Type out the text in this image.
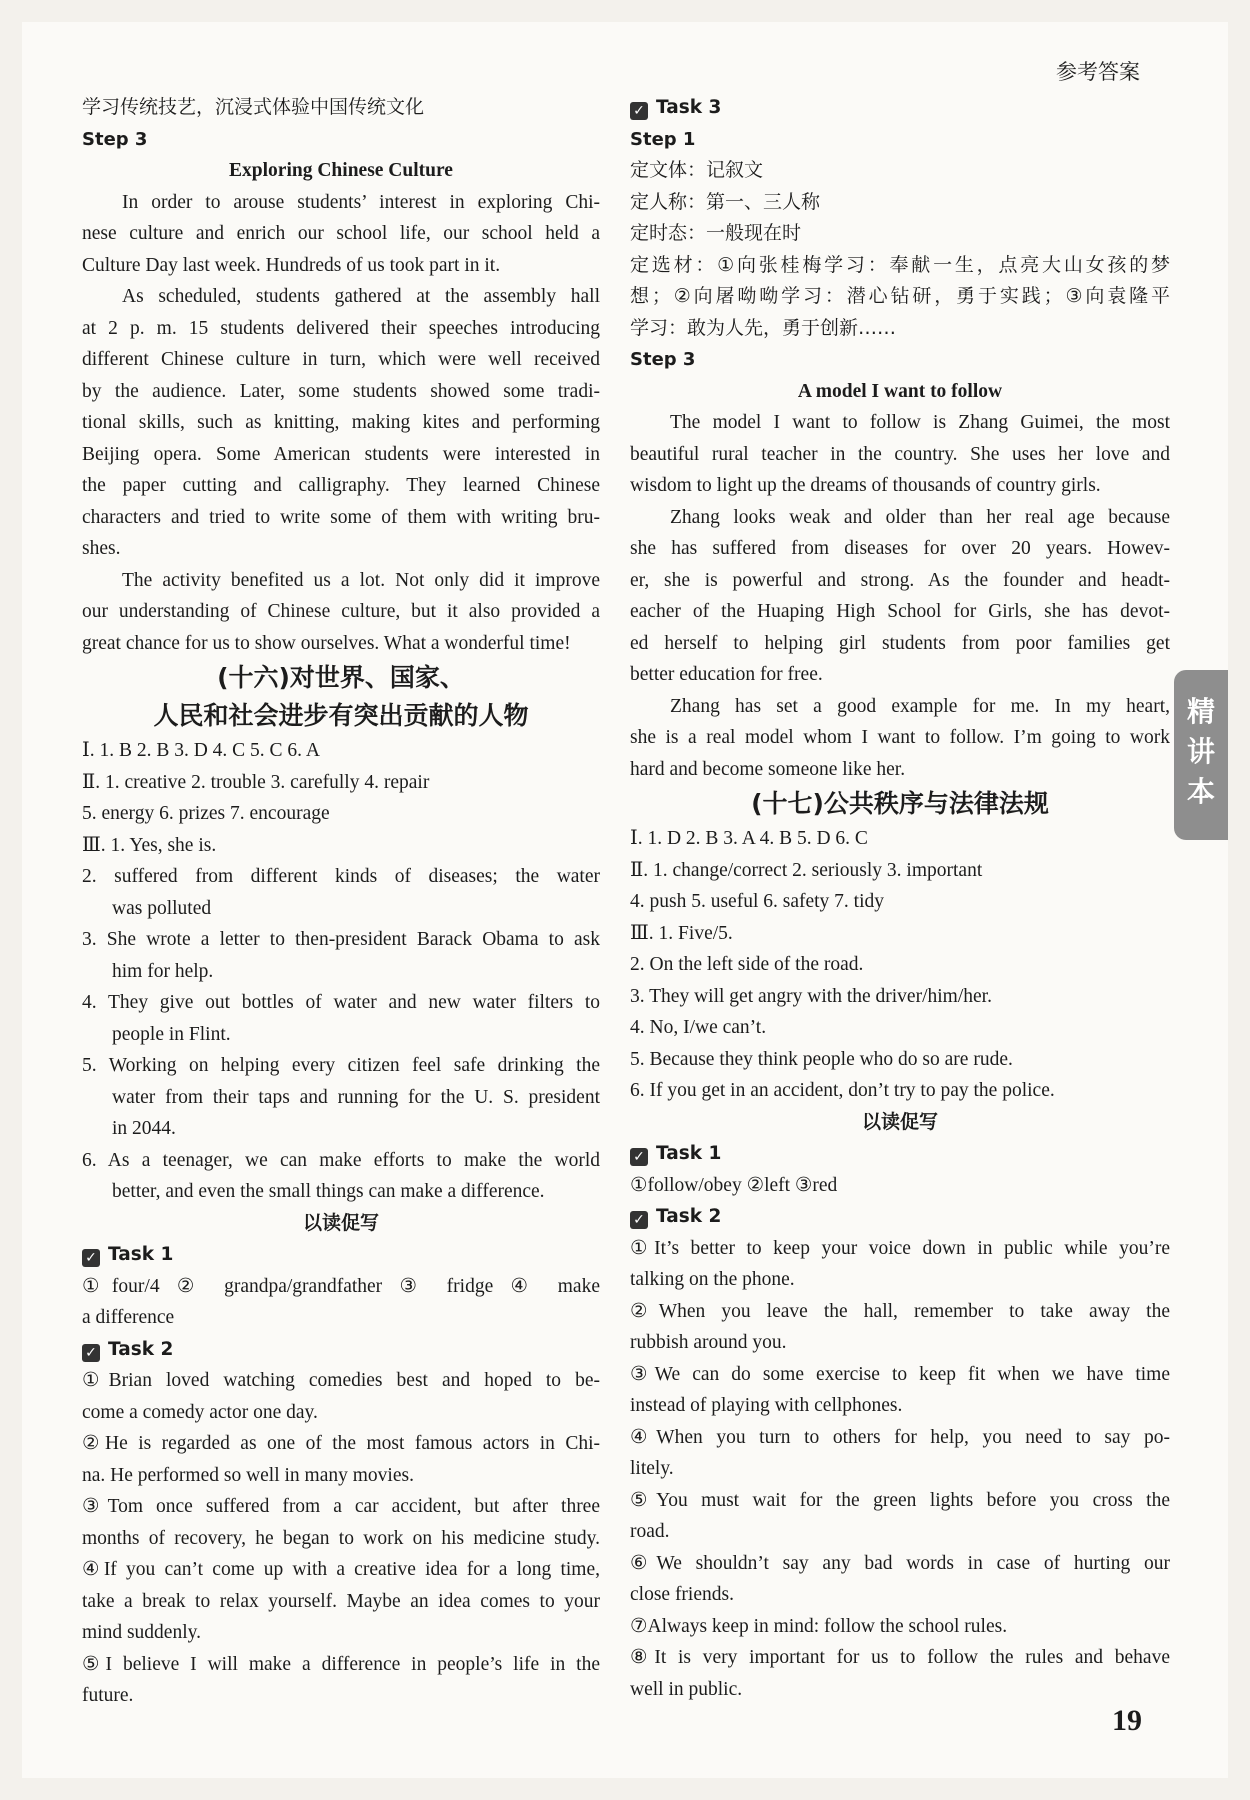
参考答案
学习传统技艺，沉浸式体验中国传统文化
Step 3
Exploring Chinese Culture
In order to arouse students’ interest in exploring Chi-
nese culture and enrich our school life, our school held a
Culture Day last week. Hundreds of us took part in it.
As scheduled, students gathered at the assembly hall
at 2 p. m. 15 students delivered their speeches introducing
different Chinese culture in turn, which were well received
by the audience. Later, some students showed some tradi-
tional skills, such as knitting, making kites and performing
Beijing opera. Some American students were interested in
the paper cutting and calligraphy. They learned Chinese
characters and tried to write some of them with writing bru-
shes.
The activity benefited us a lot. Not only did it improve
our understanding of Chinese culture, but it also provided a
great chance for us to show ourselves. What a wonderful time!
(十六)对世界、国家、
人民和社会进步有突出贡献的人物
Ⅰ. 1. B 2. B 3. D 4. C 5. C 6. A
Ⅱ. 1. creative 2. trouble 3. carefully 4. repair
5. energy 6. prizes 7. encourage
Ⅲ. 1. Yes, she is.
2. suffered from different kinds of diseases; the water
was polluted
3. She wrote a letter to then-president Barack Obama to ask
him for help.
4. They give out bottles of water and new water filters to
people in Flint.
5. Working on helping every citizen feel safe drinking the
water from their taps and running for the U. S. president
in 2044.
6. As a teenager, we can make efforts to make the world
better, and even the small things can make a difference.
以读促写
✓ Task 1
①four/4 ② grandpa/grandfather ③ fridge ④ make
a difference
✓ Task 2
①Brian loved watching comedies best and hoped to be-
come a comedy actor one day.
②He is regarded as one of the most famous actors in Chi-
na. He performed so well in many movies.
③Tom once suffered from a car accident, but after three
months of recovery, he began to work on his medicine study.
④If you can’t come up with a creative idea for a long time,
take a break to relax yourself. Maybe an idea comes to your
mind suddenly.
⑤I believe I will make a difference in people’s life in the
future.
✓ Task 3
Step 1
定文体：记叙文
定人称：第一、三人称
定时态：一般现在时
定选材：①向张桂梅学习：奉献一生，点亮大山女孩的梦
想；②向屠呦呦学习：潜心钻研，勇于实践；③向袁隆平
学习：敢为人先，勇于创新……
Step 3
A model I want to follow
The model I want to follow is Zhang Guimei, the most
beautiful rural teacher in the country. She uses her love and
wisdom to light up the dreams of thousands of country girls.
Zhang looks weak and older than her real age because
she has suffered from diseases for over 20 years. Howev-
er, she is powerful and strong. As the founder and headt-
eacher of the Huaping High School for Girls, she has devot-
ed herself to helping girl students from poor families get
better education for free.
Zhang has set a good example for me. In my heart,
she is a real model whom I want to follow. I’m going to work
hard and become someone like her.
(十七)公共秩序与法律法规
Ⅰ. 1. D 2. B 3. A 4. B 5. D 6. C
Ⅱ. 1. change/correct 2. seriously 3. important
4. push 5. useful 6. safety 7. tidy
Ⅲ. 1. Five/5.
2. On the left side of the road.
3. They will get angry with the driver/him/her.
4. No, I/we can’t.
5. Because they think people who do so are rude.
6. If you get in an accident, don’t try to pay the police.
以读促写
✓ Task 1
①follow/obey ②left ③red
✓ Task 2
①It’s better to keep your voice down in public while you’re
talking on the phone.
②When you leave the hall, remember to take away the
rubbish around you.
③We can do some exercise to keep fit when we have time
instead of playing with cellphones.
④When you turn to others for help, you need to say po-
litely.
⑤You must wait for the green lights before you cross the
road.
⑥We shouldn’t say any bad words in case of hurting our
close friends.
⑦Always keep in mind: follow the school rules.
⑧It is very important for us to follow the rules and behave
well in public.
精
讲
本
19
